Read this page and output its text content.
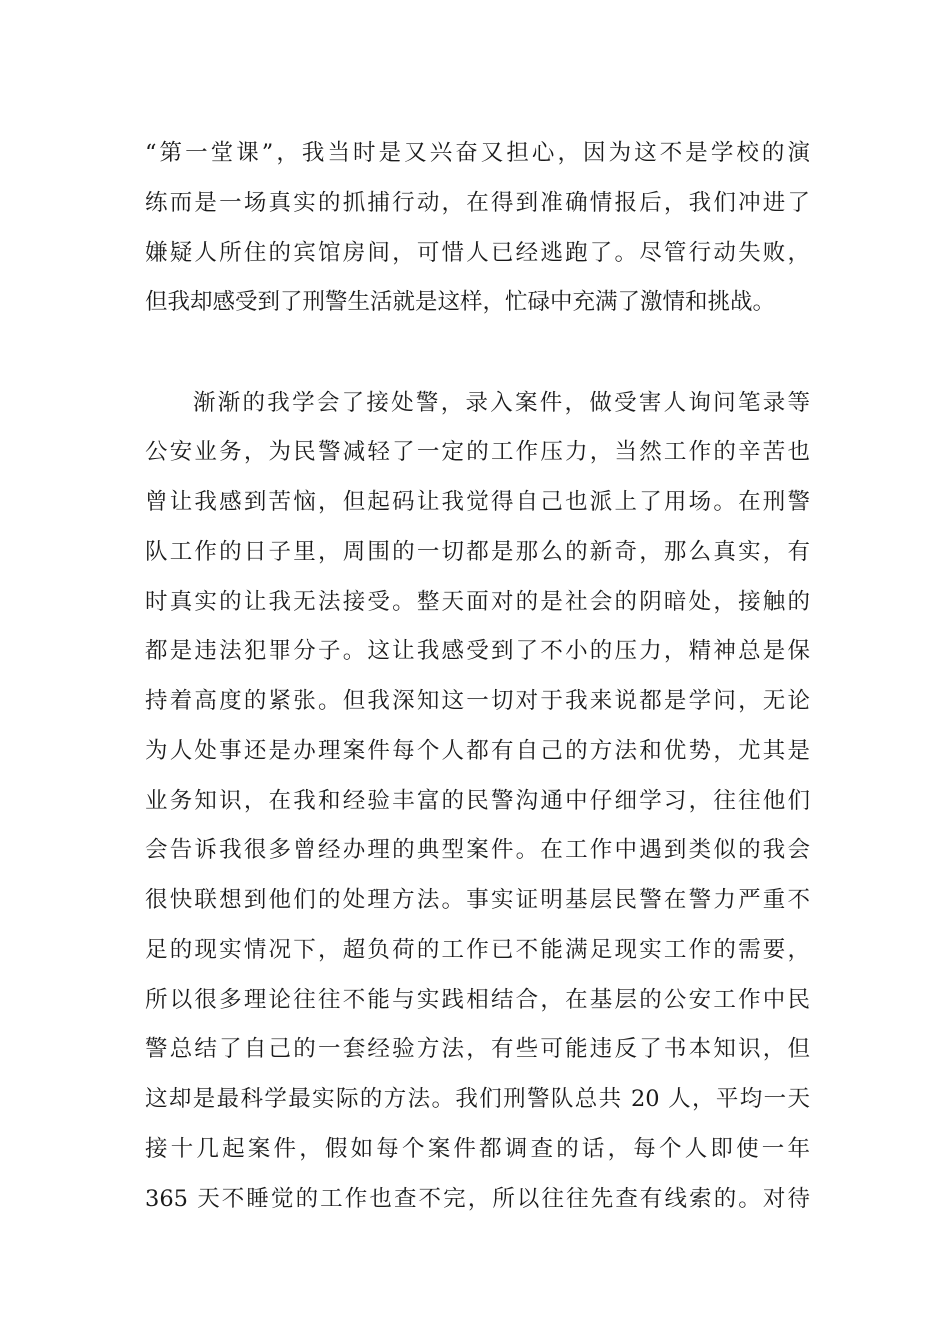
“第一堂课”，我当时是又兴奋又担心，因为这不是学校的演
练而是一场真实的抓捕行动，在得到准确情报后，我们冲进了
嫌疑人所住的宾馆房间，可惜人已经逃跑了。尽管行动失败，
但我却感受到了刑警生活就是这样，忙碌中充满了激情和挑战。
渐渐的我学会了接处警，录入案件，做受害人询问笔录等
公安业务，为民警减轻了一定的工作压力，当然工作的辛苦也
曾让我感到苦恼，但起码让我觉得自己也派上了用场。在刑警
队工作的日子里，周围的一切都是那么的新奇，那么真实，有
时真实的让我无法接受。整天面对的是社会的阴暗处，接触的
都是违法犯罪分子。这让我感受到了不小的压力，精神总是保
持着高度的紧张。但我深知这一切对于我来说都是学问，无论
为人处事还是办理案件每个人都有自己的方法和优势，尤其是
业务知识，在我和经验丰富的民警沟通中仔细学习，往往他们
会告诉我很多曾经办理的典型案件。在工作中遇到类似的我会
很快联想到他们的处理方法。事实证明基层民警在警力严重不
足的现实情况下，超负荷的工作已不能满足现实工作的需要，
所以很多理论往往不能与实践相结合，在基层的公安工作中民
警总结了自己的一套经验方法，有些可能违反了书本知识，但
这却是最科学最实际的方法。我们刑警队总共 20 人，平均一天
接十几起案件，假如每个案件都调查的话，每个人即使一年
365 天不睡觉的工作也查不完，所以往往先查有线索的。对待
